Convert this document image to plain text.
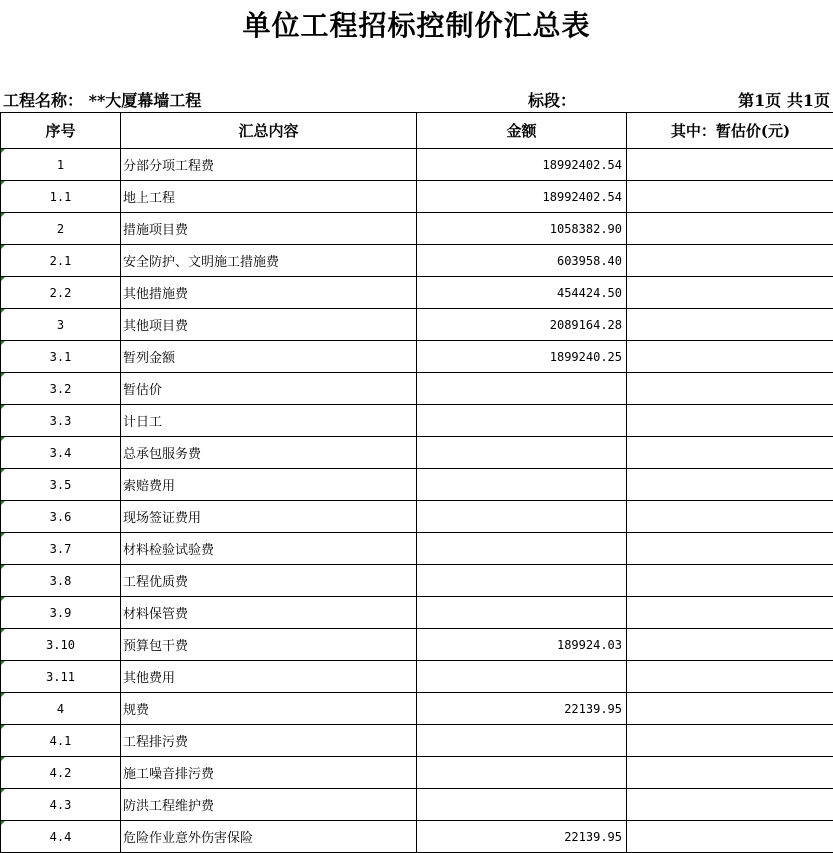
单位工程招标控制价汇总表
工程名称： **大厦幕墙工程	标段：	第1页 共1页
序号	汇总内容	金额	其中：暂估价(元)

1	分部分项工程费	18992402.54	

1.1	地上工程	18992402.54	

2	措施项目费	1058382.90	

2.1	安全防护、文明施工措施费	603958.40	

2.2	其他措施费	454424.50	

3	其他项目费	2089164.28	

3.1	暂列金额	1899240.25	

3.2	暂估价		

3.3	计日工		

3.4	总承包服务费		

3.5	索赔费用		

3.6	现场签证费用		

3.7	材料检验试验费		

3.8	工程优质费		

3.9	材料保管费		

3.10	预算包干费	189924.03	

3.11	其他费用		

4	规费	22139.95	

4.1	工程排污费		

4.2	施工噪音排污费		

4.3	防洪工程维护费		

4.4	危险作业意外伤害保险	22139.95	
